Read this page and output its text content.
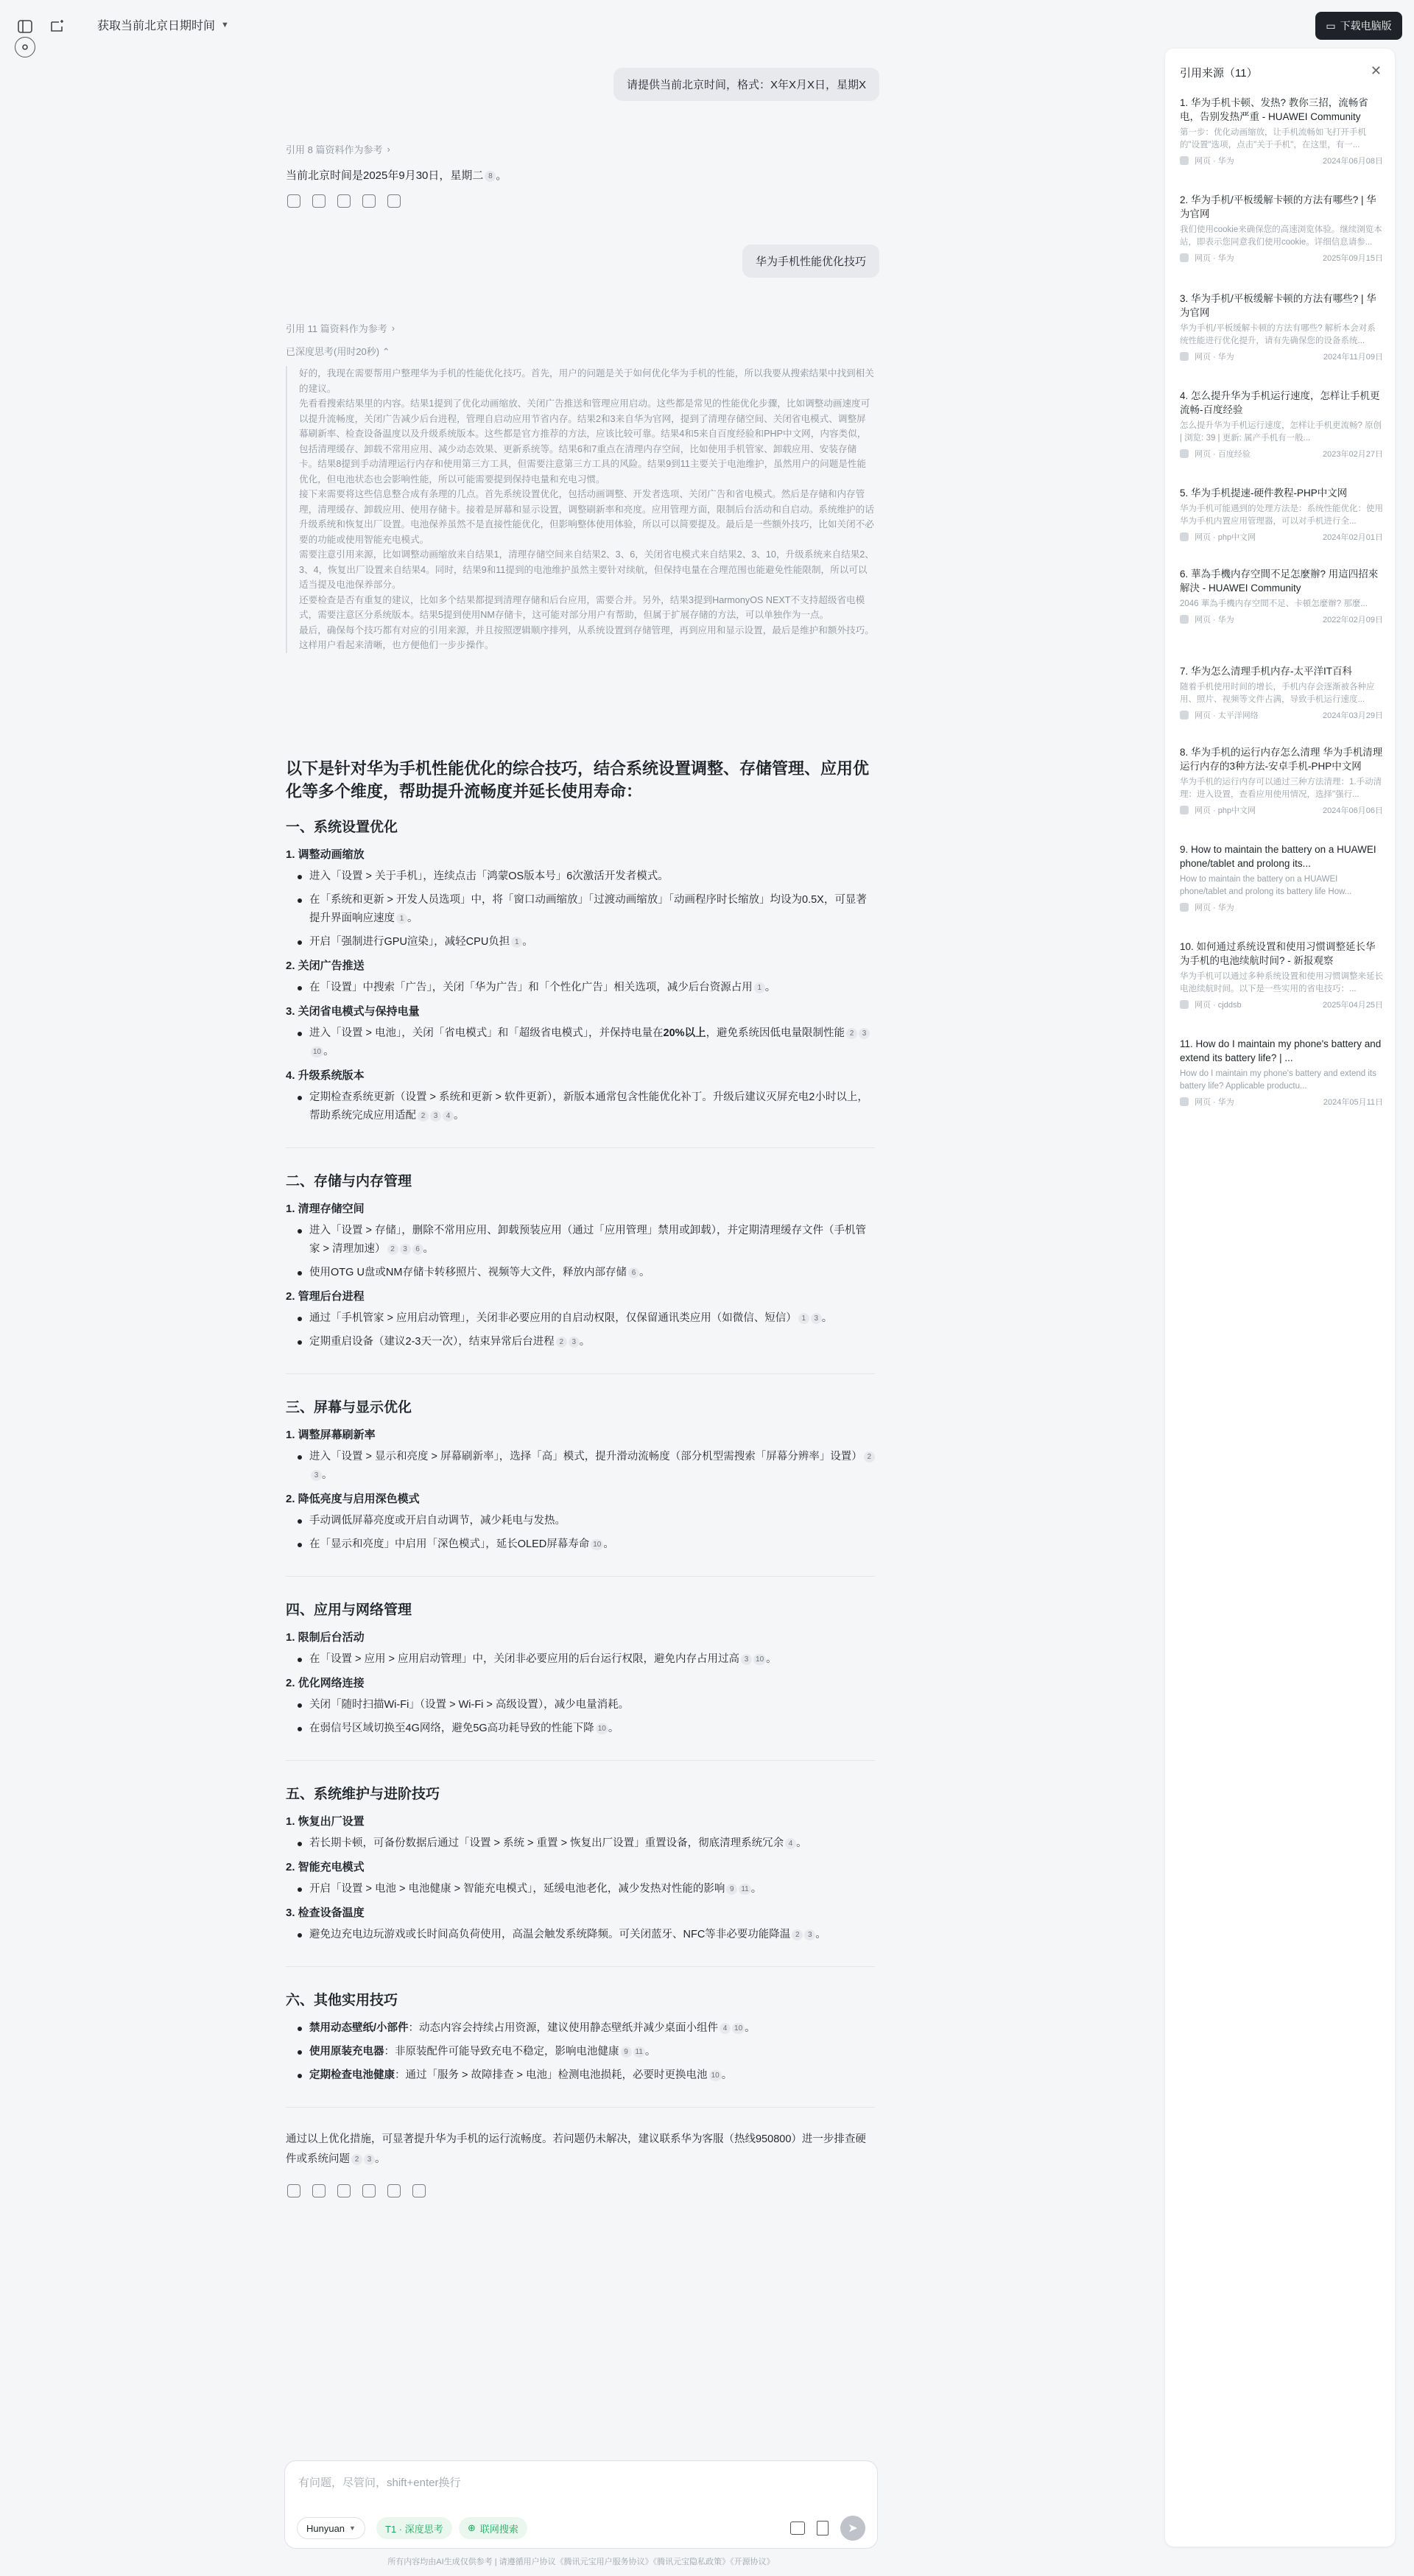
获取当前北京日期时间 ▼	▭ 下载电脑版
请提供当前北京时间，格式：X年X月X日，星期X
引用 8 篇资料作为参考 ›
当前北京时间是2025年9月30日，星期二 8 。
华为手机性能优化技巧
引用 11 篇资料作为参考 ›
已深度思考(用时20秒) ⌃

好的，我现在需要帮用户整理华为手机的性能优化技巧。首先，用户的问题是关于如何优化华为手机的性能，所以我要从搜索结果中找到相关的建议。

先看看搜索结果里的内容。结果1提到了优化动画缩放、关闭广告推送和管理应用启动。这些都是常见的性能优化步骤，比如调整动画速度可以提升流畅度，关闭广告减少后台进程，管理自启动应用节省内存。结果2和3来自华为官网，提到了清理存储空间、关闭省电模式、调整屏幕刷新率、检查设备温度以及升级系统版本。这些都是官方推荐的方法，应该比较可靠。结果4和5来自百度经验和PHP中文网，内容类似，包括清理缓存、卸载不常用应用、减少动态效果、更新系统等。结果6和7重点在清理内存空间，比如使用手机管家、卸载应用、安装存储卡。结果8提到手动清理运行内存和使用第三方工具，但需要注意第三方工具的风险。结果9到11主要关于电池维护，虽然用户的问题是性能优化，但电池状态也会影响性能，所以可能需要提到保持电量和充电习惯。

接下来需要将这些信息整合成有条理的几点。首先系统设置优化，包括动画调整、开发者选项、关闭广告和省电模式。然后是存储和内存管理，清理缓存、卸载应用、使用存储卡。接着是屏幕和显示设置，调整刷新率和亮度。应用管理方面，限制后台活动和自启动。系统维护的话升级系统和恢复出厂设置。电池保养虽然不是直接性能优化，但影响整体使用体验，所以可以简要提及。最后是一些额外技巧，比如关闭不必要的功能或使用智能充电模式。

需要注意引用来源，比如调整动画缩放来自结果1，清理存储空间来自结果2、3、6，关闭省电模式来自结果2、3、10，升级系统来自结果2、3、4，恢复出厂设置来自结果4。同时，结果9和11提到的电池维护虽然主要针对续航，但保持电量在合理范围也能避免性能限制，所以可以适当提及电池保养部分。

还要检查是否有重复的建议，比如多个结果都提到清理存储和后台应用，需要合并。另外，结果3提到HarmonyOS NEXT不支持超级省电模式，需要注意区分系统版本。结果5提到使用NM存储卡，这可能对部分用户有帮助，但属于扩展存储的方法，可以单独作为一点。

最后，确保每个技巧都有对应的引用来源，并且按照逻辑顺序排列，从系统设置到存储管理，再到应用和显示设置，最后是维护和额外技巧。这样用户看起来清晰，也方便他们一步步操作。

以下是针对华为手机性能优化的综合技巧，结合系统设置调整、存储管理、应用优化等多个维度，帮助提升流畅度并延长使用寿命：
一、系统设置优化
1. 调整动画缩放
进入「设置 > 关于手机」，连续点击「鸿蒙OS版本号」6次激活开发者模式。
在「系统和更新 > 开发人员选项」中，将「窗口动画缩放」「过渡动画缩放」「动画程序时长缩放」均设为0.5X，可显著提升界面响应速度 1 。
开启「强制进行GPU渲染」，减轻CPU负担 1 。
2. 关闭广告推送
在「设置」中搜索「广告」，关闭「华为广告」和「个性化广告」相关选项，减少后台资源占用 1 。
3. 关闭省电模式与保持电量
进入「设置 > 电池」，关闭「省电模式」和「超级省电模式」，并保持电量在20%以上，避免系统因低电量限制性能 2 310 。
4. 升级系统版本
定期检查系统更新（设置 > 系统和更新 > 软件更新），新版本通常包含性能优化补丁。升级后建议灭屏充电2小时以上，帮助系统完成应用适配 2 3 4 。
二、存储与内存管理
1. 清理存储空间
进入「设置 > 存储」，删除不常用应用、卸载预装应用（通过「应用管理」禁用或卸载），并定期清理缓存文件（手机管家 > 清理加速） 2 3 6 。
使用OTG U盘或NM存储卡转移照片、视频等大文件，释放内部存储 6 。
2. 管理后台进程
通过「手机管家 > 应用启动管理」，关闭非必要应用的自启动权限，仅保留通讯类应用（如微信、短信） 1 3 。
定期重启设备（建议2-3天一次），结束异常后台进程 2 3 。
三、屏幕与显示优化
1. 调整屏幕刷新率
进入「设置 > 显示和亮度 > 屏幕刷新率」，选择「高」模式，提升滑动流畅度（部分机型需搜索「屏幕分辨率」设置） 23 。
2. 降低亮度与启用深色模式
手动调低屏幕亮度或开启自动调节，减少耗电与发热。
在「显示和亮度」中启用「深色模式」，延长OLED屏幕寿命 10 。
四、应用与网络管理
1. 限制后台活动
在「设置 > 应用 > 应用启动管理」中，关闭非必要应用的后台运行权限，避免内存占用过高 3 10 。
2. 优化网络连接
关闭「随时扫描Wi-Fi」（设置 > Wi-Fi > 高级设置），减少电量消耗。
在弱信号区域切换至4G网络，避免5G高功耗导致的性能下降 10 。
五、系统维护与进阶技巧
1. 恢复出厂设置
若长期卡顿，可备份数据后通过「设置 > 系统 > 重置 > 恢复出厂设置」重置设备，彻底清理系统冗余 4 。
2. 智能充电模式
开启「设置 > 电池 > 电池健康 > 智能充电模式」，延缓电池老化，减少发热对性能的影响 9 11 。
3. 检查设备温度
避免边充电边玩游戏或长时间高负荷使用，高温会触发系统降频。可关闭蓝牙、NFC等非必要功能降温 2 3 。
六、其他实用技巧
禁用动态壁纸/小部件：动态内容会持续占用资源，建议使用静态壁纸并减少桌面小组件 4 10 。
使用原装充电器：非原装配件可能导致充电不稳定，影响电池健康 9 11 。
定期检查电池健康：通过「服务 > 故障排查 > 电池」检测电池损耗，必要时更换电池 10 。
通过以上优化措施，可显著提升华为手机的运行流畅度。若问题仍未解决，建议联系华为客服（热线950800）进一步排查硬件或系统问题 2 3 。
有问题，尽管问，shift+enter换行
Hunyuan ▼	T1 · 深度思考	⊕ 联网搜索	➤
所有内容均由AI生成仅供参考 | 请遵循用户协议《腾讯元宝用户服务协议》《腾讯元宝隐私政策》《开源协议》
引用来源（11）	✕
1. 华为手机卡顿、发热? 教你三招，流畅省电，告别发热严重 - HUAWEI Community
第一步：优化动画缩放，让手机流畅如飞打开手机的"设置"选项，点击"关于手机"，在这里，有一...
网页 · 华为	2024年06月08日
2. 华为手机/平板缓解卡顿的方法有哪些? | 华为官网
我们使用cookie来确保您的高速浏览体验。继续浏览本站，即表示您同意我们使用cookie。详细信息请参...
网页 · 华为	2025年09月15日
3. 华为手机/平板缓解卡顿的方法有哪些? | 华为官网
华为手机/平板缓解卡顿的方法有哪些? 解析本会对系统性能进行优化提升，请有先确保您的设备系统...
网页 · 华为	2024年11月09日
4. 怎么提升华为手机运行速度，怎样让手机更流畅-百度经验
怎么提升华为手机运行速度，怎样让手机更流畅? 原创 | 浏览: 39 | 更新: 属产手机有一般...
网页 · 百度经验	2023年02月27日
5. 华为手机提速-硬件教程-PHP中文网
华为手机可能遇到的处理方法是：系统性能优化：使用华为手机内置应用管理器，可以对手机进行全...
网页 · php中文网	2024年02月01日
6. 華為手機内存空間不足怎麼辦? 用這四招來解決 - HUAWEI Community
2046 華為手機内存空間不足、卡頓怎麼辦? 那麼...
网页 · 华为	2022年02月09日
7. 华为怎么清理手机内存-太平洋IT百科
随着手机使用时间的增长，手机内存会逐渐被各种应用、照片、视频等文件占满，导致手机运行速度...
网页 · 太平洋网络	2024年03月29日
8. 华为手机的运行内存怎么清理 华为手机清理运行内存的3种方法-安卓手机-PHP中文网
华为手机的运行内存可以通过三种方法清理：1.手动清理：进入设置，查看应用使用情况，选择"强行...
网页 · php中文网	2024年06月06日
9. How to maintain the battery on a HUAWEI phone/tablet and prolong its...
How to maintain the battery on a HUAWEI phone/tablet and prolong its battery life How...
网页 · 华为
10. 如何通过系统设置和使用习惯调整延长华为手机的电池续航时间? - 新报观察
华为手机可以通过多种系统设置和使用习惯调整来延长电池续航时间。以下是一些实用的省电技巧：...
网页 · cjddsb	2025年04月25日
11. How do I maintain my phone's battery and extend its battery life? | ...
How do I maintain my phone's battery and extend its battery life? Applicable productu...
网页 · 华为	2024年05月11日
